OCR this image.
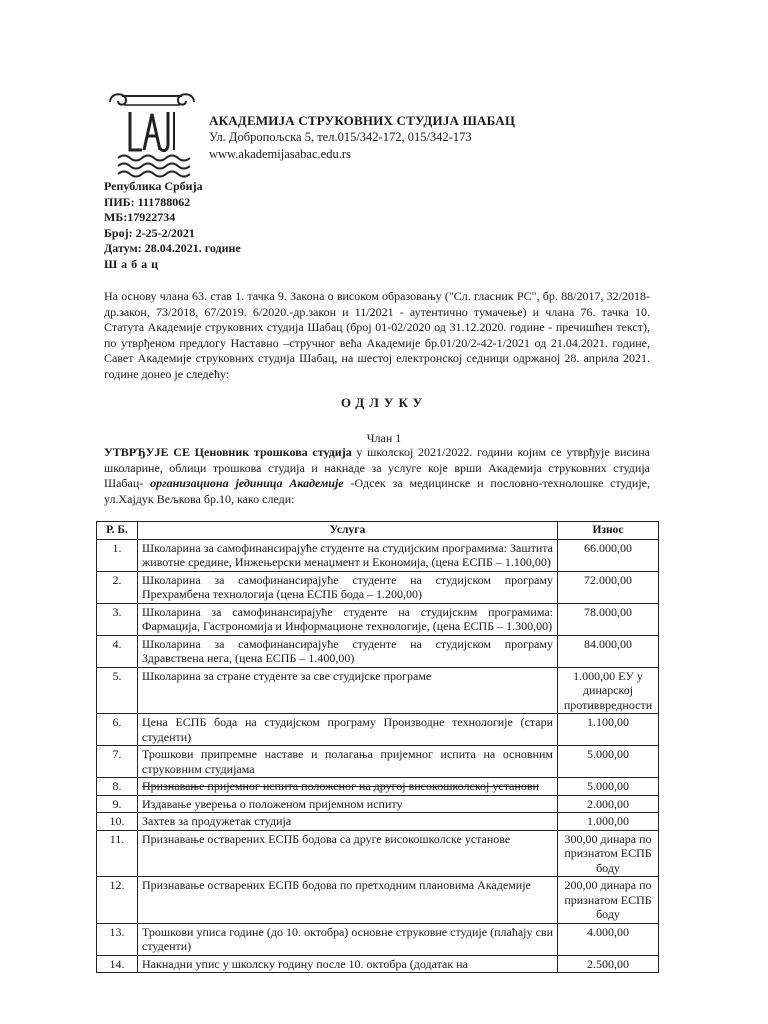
АКАДЕМИЈА СТРУКОВНИХ СТУДИЈА ШАБАЦ
Ул. Добропољска 5, тел.015/342-172, 015/342-173
www.akademijasabac.edu.rs
Република Србија
ПИБ: 111788062
МБ:17922734
Број: 2-25-2/2021
Датум: 28.04.2021. године
Шабац
На основу члана 63. став 1. тачка 9. Закона о високом образовању ("Сл. гласник РС", бр. 88/2017, 32/2018-др.закон, 73/2018, 67/2019. 6/2020.-др.закон и 11/2021 - аутентично тумачење) и члана 76. тачка 10. Статута Академије струковних студија Шабац (број 01-02/2020 од 31.12.2020. године - пречишћен текст), по утврђеном предлогу Наставно –стручног већа Академије бр.01/20/2-42-1/2021 од 21.04.2021. године, Савет Академије струковних студија Шабац, на шестој електронској седници одржаној 28. априла 2021. године донео је следећу:
ОДЛУКУ
Члан 1
УТВРЂУЈЕ СЕ Ценовник трошкова студија у школској 2021/2022. години којим се утврђује висина школарине, облици трошкова студија и накнаде за услуге које врши Академија струковних студија Шабац- организациона јединица Академије -Одсек за медицинске и пословно-технолошке студије, ул.Хајдук Вељкова бр.10, како следи:
Р. Б.	Услуга	Износ
1.	Школарина за самофинансирајуће студенте на студијским програмима: Заштита животне средине, Инжењерски менаџмент и Економија, (цена ЕСПБ – 1.100,00)	66.000,00
2.	Школарина за самофинансирајуће студенте на студијском програму Прехрамбена технологија (цена ЕСПБ бода – 1.200,00)	72.000,00
3.	Школарина за самофинансирајуће студенте на студијским програмима: Фармација, Гастрономија и Информационе технологије, (цена ЕСПБ – 1.300,00)	78.000,00
4.	Школарина за самофинансирајуће студенте на студијском програму Здравствена нега, (цена ЕСПБ – 1.400,00)	84.000,00
5.	Школарина за стране студенте за све студијске програме	1.000,00 ЕУ у динарској противвредности
6.	Цена ЕСПБ бода на студијском програму Производне технологије (стари студенти)	1.100,00
7.	Трошкови припремне наставе и полагања пријемног испита на основним струковним студијама	5.000,00
8.	Признавање пријемног испита положеног на другој високошколској установи	5.000,00
9.	Издавање уверења о положеном пријемном испиту	2.000,00
10.	Захтев за продужетак студија	1.000,00
11.	Признавање остварених ЕСПБ бодова са друге високошколске установе	300,00 динара по признатом ЕСПБ боду
12.	Признавање остварених ЕСПБ бодова по претходним плановима Академије	200,00 динара по признатом ЕСПБ боду
13.	Трошкови уписа године (до 10. октобра) основне струковне студије (плаћају сви студенти)	4.000,00
14.	Накнадни упис у школску годину после 10. октобра (додатак на	2.500,00
